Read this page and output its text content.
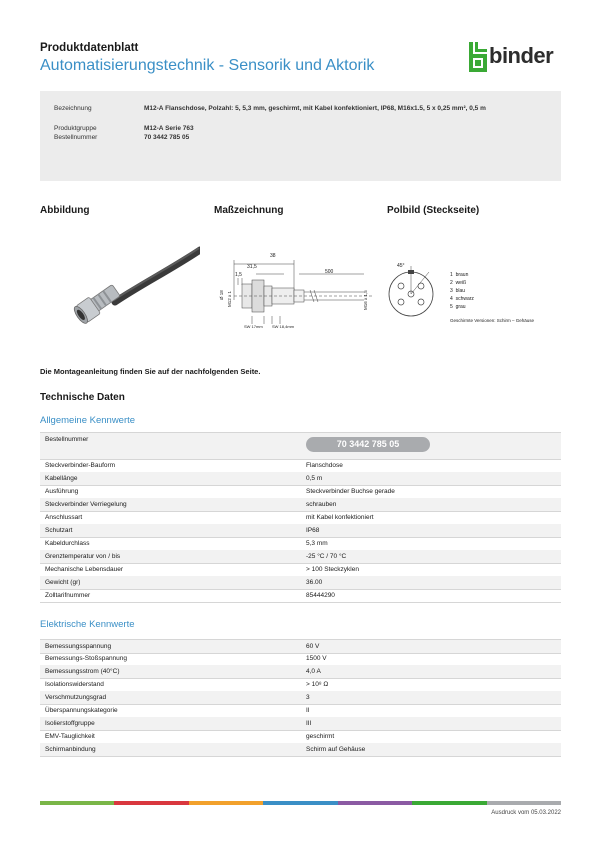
Produktdatenblatt
Automatisierungstechnik - Sensorik und Aktorik	binder
Bezeichnung	M12-A Flanschdose, Polzahl: 5, 5,3 mm, geschirmt, mit Kabel konfektioniert, IP68, M16x1.5, 5 x 0,25 mm², 0,5 m
Produktgruppe	M12-A Serie 763
Bestellnummer	70 3442 785 05
Abbildung	Maßzeichnung	Polbild (Steckseite)
38
31,5
1,5	500
Ø 18 M12 x 1	M16 x 1,5
SW 17mm SW 18,4mm
45°
1 braun
2 weiß
3 blau
4 schwarz
5 grau
Geschirmte Versionen: Schirm – Gehäuse
Die Montageanleitung finden Sie auf der nachfolgenden Seite.
Technische Daten
Allgemeine Kennwerte
Bestellnummer	70 3442 785 05
Steckverbinder-Bauform	Flanschdose
Kabellänge	0,5 m
Ausführung	Steckverbinder Buchse gerade
Steckverbinder Verriegelung	schrauben
Anschlussart	mit Kabel konfektioniert
Schutzart	IP68
Kabeldurchlass	5,3 mm
Grenztemperatur von / bis	-25 °C / 70 °C
Mechanische Lebensdauer	> 100 Steckzyklen
Gewicht (gr)	36.00
Zolltarifnummer	85444290
Elektrische Kennwerte
Bemessungsspannung	60 V
Bemessungs-Stoßspannung	1500 V
Bemessungsstrom (40°C)	4,0 A
Isolationswiderstand	> 10⁸ Ω
Verschmutzungsgrad	3
Überspannungskategorie	II
Isolierstoffgruppe	III
EMV-Tauglichkeit	geschirmt
Schirmanbindung	Schirm auf Gehäuse
Ausdruck vom 05.03.2022
